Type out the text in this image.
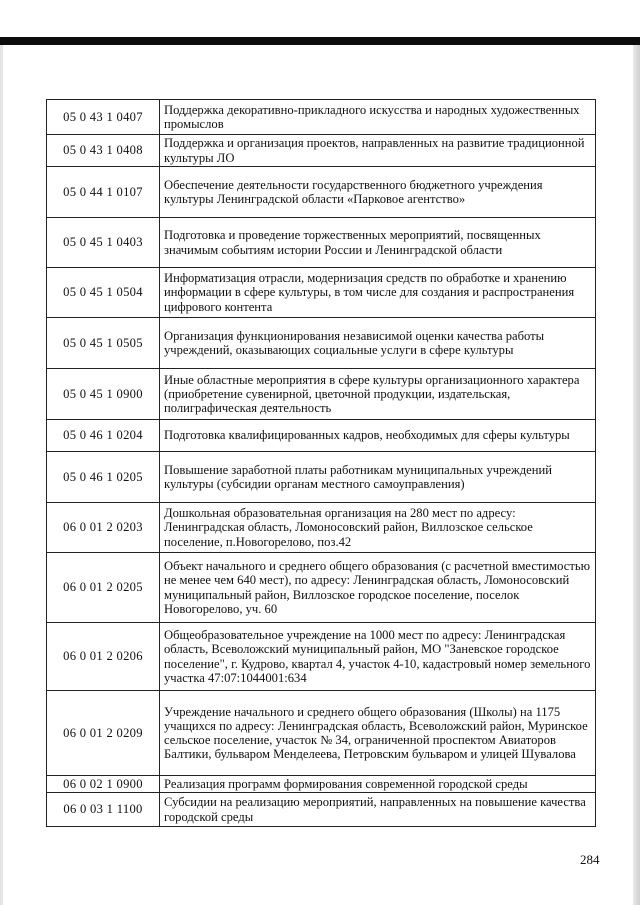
05 0 43 1 0407	Поддержка декоративно-прикладного искусства и народных художественных промыслов
05 0 43 1 0408	Поддержка и организация проектов, направленных на развитие традиционной культуры ЛО
05 0 44 1 0107	Обеспечение деятельности государственного бюджетного учреждения культуры Ленинградской области «Парковое агентство»
05 0 45 1 0403	Подготовка и проведение торжественных мероприятий, посвященных значимым событиям истории России и Ленинградской области
05 0 45 1 0504	Информатизация отрасли, модернизация средств по обработке и хранению информации в сфере культуры, в том числе для создания и распространения цифрового контента
05 0 45 1 0505	Организация функционирования независимой оценки качества работы учреждений, оказывающих социальные услуги в сфере культуры
05 0 45 1 0900	Иные областные мероприятия в сфере культуры организационного характера (приобретение сувенирной, цветочной продукции, издательская, полиграфическая деятельность
05 0 46 1 0204	Подготовка квалифицированных кадров, необходимых для сферы культуры
05 0 46 1 0205	Повышение заработной платы работникам муниципальных учреждений культуры (субсидии органам местного самоуправления)
06 0 01 2 0203	Дошкольная образовательная организация на 280 мест по адресу: Ленинградская область, Ломоносовский район, Виллозское сельское поселение, п.Новогорелово, поз.42
06 0 01 2 0205	Объект начального и среднего общего образования (с расчетной вместимостью не менее чем 640 мест), по адресу: Ленинградская область, Ломоносовский муниципальный район, Виллозское городское поселение, поселок Новогорелово, уч. 60
06 0 01 2 0206	Общеобразовательное учреждение на 1000 мест по адресу: Ленинградская область, Всеволожский муниципальный район, МО "Заневское городское поселение", г. Кудрово, квартал 4, участок 4-10, кадастровый номер земельного участка 47:07:1044001:634
06 0 01 2 0209	Учреждение начального и среднего общего образования (Школы) на 1175 учащихся по адресу: Ленинградская область, Всеволожский район, Муринское сельское поселение, участок № 34, ограниченной проспектом Авиаторов Балтики, бульваром Менделеева, Петровским бульваром и улицей Шувалова
06 0 02 1 0900	Реализация программ формирования современной городской среды
06 0 03 1 1100	Субсидии на реализацию мероприятий, направленных на повышение качества городской среды
284
